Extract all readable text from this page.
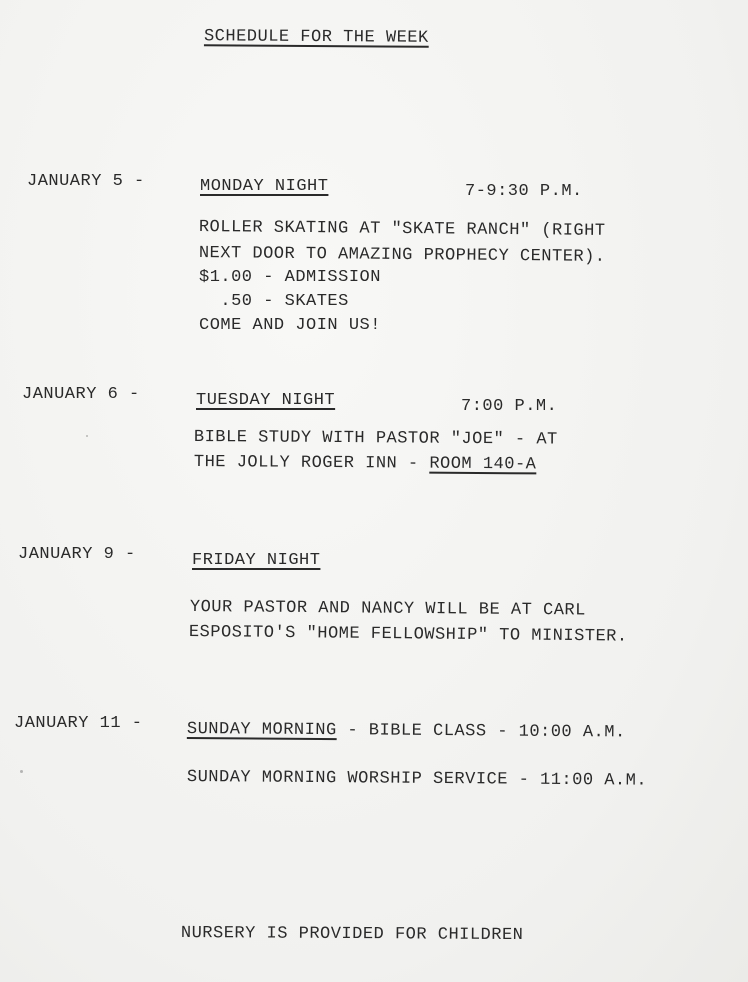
SCHEDULE FOR THE WEEK
JANUARY 5 -	MONDAY NIGHT	7-9:30 P.M.
ROLLER SKATING AT "SKATE RANCH" (RIGHT
NEXT DOOR TO AMAZING PROPHECY CENTER).
$1.00 - ADMISSION
.50 - SKATES
COME AND JOIN US!
JANUARY 6 -	TUESDAY NIGHT	7:00 P.M.
BIBLE STUDY WITH PASTOR "JOE" - AT
THE JOLLY ROGER INN - ROOM 140-A
JANUARY 9 -	FRIDAY NIGHT
YOUR PASTOR AND NANCY WILL BE AT CARL
ESPOSITO'S "HOME FELLOWSHIP" TO MINISTER.
JANUARY 11 -	SUNDAY MORNING - BIBLE CLASS - 10:00 A.M.
SUNDAY MORNING WORSHIP SERVICE - 11:00 A.M.
NURSERY IS PROVIDED FOR CHILDREN
